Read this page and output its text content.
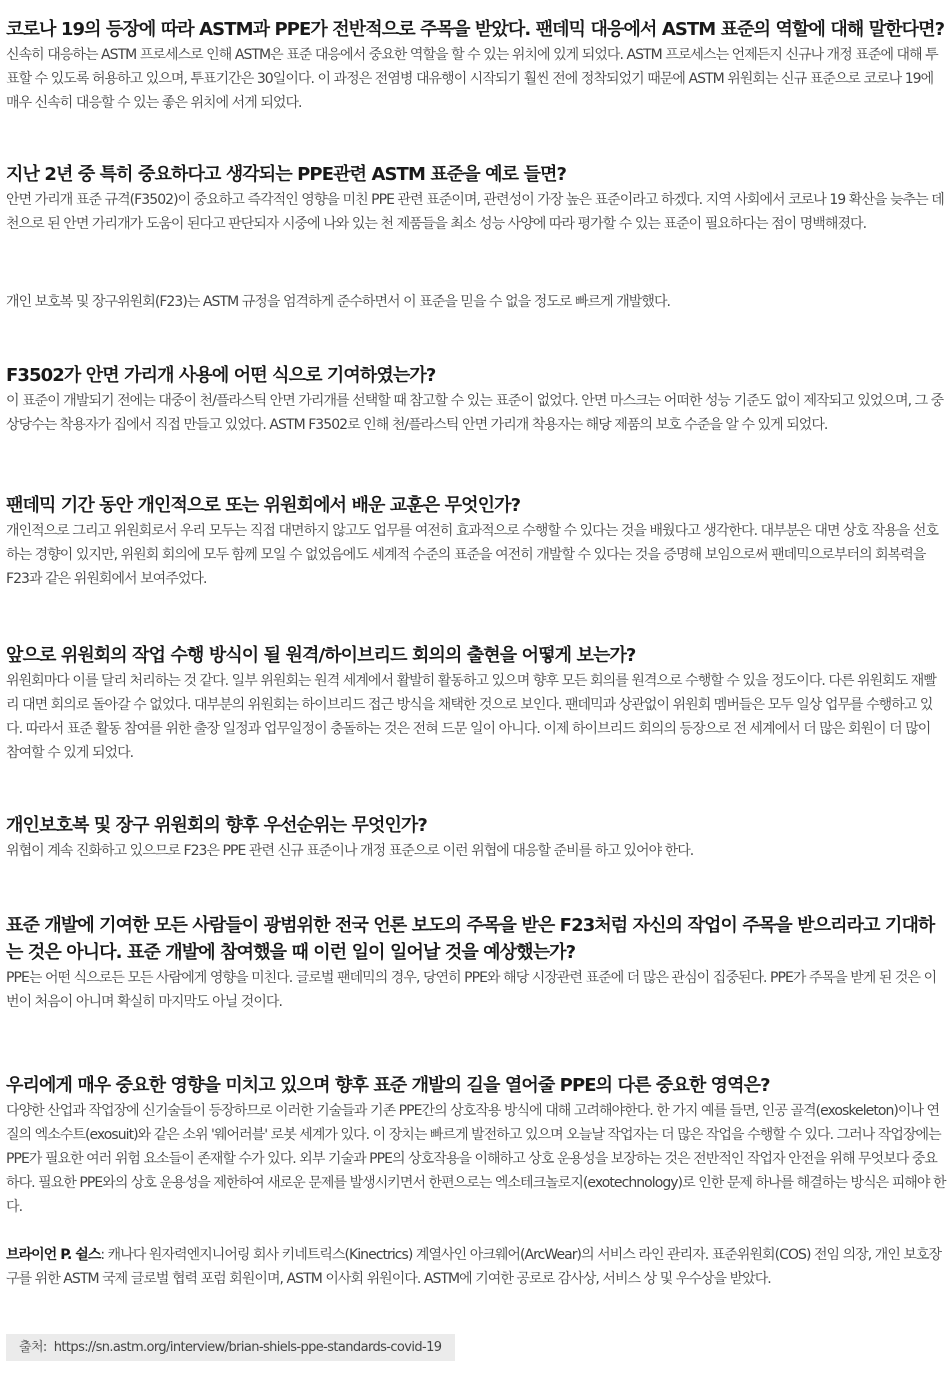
코로나 19의 등장에 따라 ASTM과 PPE가 전반적으로 주목을 받았다. 팬데믹 대응에서 ASTM 표준의 역할에 대해 말한다면?

신속히 대응하는 ASTM 프로세스로 인해 ASTM은 표준 대응에서 중요한 역할을 할 수 있는 위치에 있게 되었다. ASTM 프로세스는 언제든지 신규나 개정 표준에 대해 투표할 수 있도록 허용하고 있으며, 투표기간은 30일이다. 이 과정은 전염병 대유행이 시작되기 훨씬 전에 정착되었기 때문에 ASTM 위원회는 신규 표준으로 코로나 19에 매우 신속히 대응할 수 있는 좋은 위치에 서게 되었다.

지난 2년 중 특히 중요하다고 생각되는 PPE관련 ASTM 표준을 예로 들면?

안면 가리개 표준 규격(F3502)이 중요하고 즉각적인 영향을 미친 PPE 관련 표준이며, 관련성이 가장 높은 표준이라고 하겠다. 지역 사회에서 코로나 19 확산을 늦추는 데 천으로 된 안면 가리개가 도움이 된다고 판단되자 시중에 나와 있는 천 제품들을 최소 성능 사양에 따라 평가할 수 있는 표준이 필요하다는 점이 명백해졌다.

개인 보호복 및 장구위원회(F23)는 ASTM 규정을 엄격하게 준수하면서 이 표준을 믿을 수 없을 정도로 빠르게 개발했다.

F3502가 안면 가리개 사용에 어떤 식으로 기여하였는가?

이 표준이 개발되기 전에는 대중이 천/플라스틱 안면 가리개를 선택할 때 참고할 수 있는 표준이 없었다. 안면 마스크는 어떠한 성능 기준도 없이 제작되고 있었으며, 그 중 상당수는 착용자가 집에서 직접 만들고 있었다. ASTM F3502로 인해 천/플라스틱 안면 가리개 착용자는 해당 제품의 보호 수준을 알 수 있게 되었다.

팬데믹 기간 동안 개인적으로 또는 위원회에서 배운 교훈은 무엇인가?

개인적으로 그리고 위원회로서 우리 모두는 직접 대면하지 않고도 업무를 여전히 효과적으로 수행할 수 있다는 것을 배웠다고 생각한다. 대부분은 대면 상호 작용을 선호하는 경향이 있지만, 위원회 회의에 모두 함께 모일 수 없었음에도 세계적 수준의 표준을 여전히 개발할 수 있다는 것을 증명해 보임으로써 팬데믹으로부터의 회복력을 F23과 같은 위원회에서 보여주었다.

앞으로 위원회의 작업 수행 방식이 될 원격/하이브리드 회의의 출현을 어떻게 보는가?

위원회마다 이를 달리 처리하는 것 같다. 일부 위원회는 원격 세계에서 활발히 활동하고 있으며 향후 모든 회의를 원격으로 수행할 수 있을 정도이다. 다른 위원회도 재빨리 대면 회의로 돌아갈 수 없었다. 대부분의 위원회는 하이브리드 접근 방식을 채택한 것으로 보인다. 팬데믹과 상관없이 위원회 멤버들은 모두 일상 업무를 수행하고 있다. 따라서 표준 활동 참여를 위한 출장 일정과 업무일정이 충돌하는 것은 전혀 드문 일이 아니다. 이제 하이브리드 회의의 등장으로 전 세계에서 더 많은 회원이 더 많이 참여할 수 있게 되었다.

개인보호복 및 장구 위원회의 향후 우선순위는 무엇인가?

위협이 계속 진화하고 있으므로 F23은 PPE 관련 신규 표준이나 개정 표준으로 이런 위협에 대응할 준비를 하고 있어야 한다.

표준 개발에 기여한 모든 사람들이 광범위한 전국 언론 보도의 주목을 받은 F23처럼 자신의 작업이 주목을 받으리라고 기대하는 것은 아니다. 표준 개발에 참여했을 때 이런 일이 일어날 것을 예상했는가?

PPE는 어떤 식으로든 모든 사람에게 영향을 미친다. 글로벌 팬데믹의 경우, 당연히 PPE와 해당 시장관련 표준에 더 많은 관심이 집중된다. PPE가 주목을 받게 된 것은 이번이 처음이 아니며 확실히 마지막도 아닐 것이다.

우리에게 매우 중요한 영향을 미치고 있으며 향후 표준 개발의 길을 열어줄 PPE의 다른 중요한 영역은?

다양한 산업과 작업장에 신기술들이 등장하므로 이러한 기술들과 기존 PPE간의 상호작용 방식에 대해 고려해야한다. 한 가지 예를 들면, 인공 골격(exoskeleton)이나 연질의 엑소수트(exosuit)와 같은 소위 '웨어러블' 로봇 세계가 있다. 이 장치는 빠르게 발전하고 있으며 오늘날 작업자는 더 많은 작업을 수행할 수 있다. 그러나 작업장에는 PPE가 필요한 여러 위험 요소들이 존재할 수가 있다. 외부 기술과 PPE의 상호작용을 이해하고 상호 운용성을 보장하는 것은 전반적인 작업자 안전을 위해 무엇보다 중요하다. 필요한 PPE와의 상호 운용성을 제한하여 새로운 문제를 발생시키면서 한편으로는 엑소테크놀로지(exotechnology)로 인한 문제 하나를 해결하는 방식은 피해야 한다.

브라이언 P. 쉴스: 캐나다 원자력엔지니어링 회사 키네트릭스(Kinectrics) 계열사인 아크웨어(ArcWear)의 서비스 라인 관리자. 표준위원회(COS) 전임 의장, 개인 보호장구를 위한 ASTM 국제 글로벌 협력 포럼 회원이며, ASTM 이사회 위원이다. ASTM에 기여한 공로로 감사상, 서비스 상 및 우수상을 받았다.

출처: https://sn.astm.org/interview/brian-shiels-ppe-standards-covid-19
